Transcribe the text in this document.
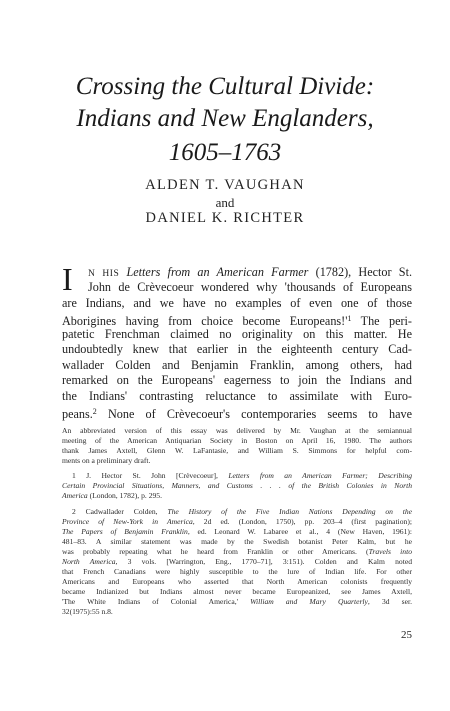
Crossing the Cultural Divide:
Indians and New Englanders,
1605–1763
ALDEN T. VAUGHAN
and
DANIEL K. RICHTER
I N HIS Letters from an American Farmer (1782), Hector St.
John de Crèvecoeur wondered why 'thousands of Europeans
are Indians, and we have no examples of even one of those
Aborigines having from choice become $Europeans!'^1$ The peri-
patetic Frenchman claimed no originality on this matter. He
undoubtedly knew that earlier in the eighteenth century Cad-
wallader Colden and Benjamin Franklin, among others, had
remarked on the Europeans' eagerness to join the Indians and
the Indians' contrasting reluctance to assimilate with Euro-
peans.$^2$ None of Crèvecoeur's contemporaries seems to have
An abbreviated version of this essay was delivered by Mr. Vaughan at the semiannual
meeting of the American Antiquarian Society in Boston on April 16, 1980. The authors
thank James Axtell, Glenn W. LaFantasie, and William S. Simmons for helpful com-
ments on a preliminary draft.
1 J. Hector St. John [Crèvecoeur], Letters from an American Farmer; Describing
Certain Provincial Situations, Manners, and Customs . . . of the British Colonies in North
America (London, 1782), p. 295.
2 Cadwallader Colden, The History of the Five Indian Nations Depending on the
Province of New-York in America, 2d ed. (London, 1750), pp. 203–4 (first pagination);
The Papers of Benjamin Franklin, ed. Leonard W. Labaree et al., 4 (New Haven, 1961):
481–83. A similar statement was made by the Swedish botanist Peter Kalm, but he
was probably repeating what he heard from Franklin or other Americans. (Travels into
North America, 3 vols. [Warrington, Eng., 1770–71], 3:151). Colden and Kalm noted
that French Canadians were highly susceptible to the lure of Indian life. For other
Americans and Europeans who asserted that North American colonists frequently
became Indianized but Indians almost never became Europeanized, see James Axtell,
'The White Indians of Colonial America,' William and Mary Quarterly, 3d ser.
32(1975):55 n.8.
25
